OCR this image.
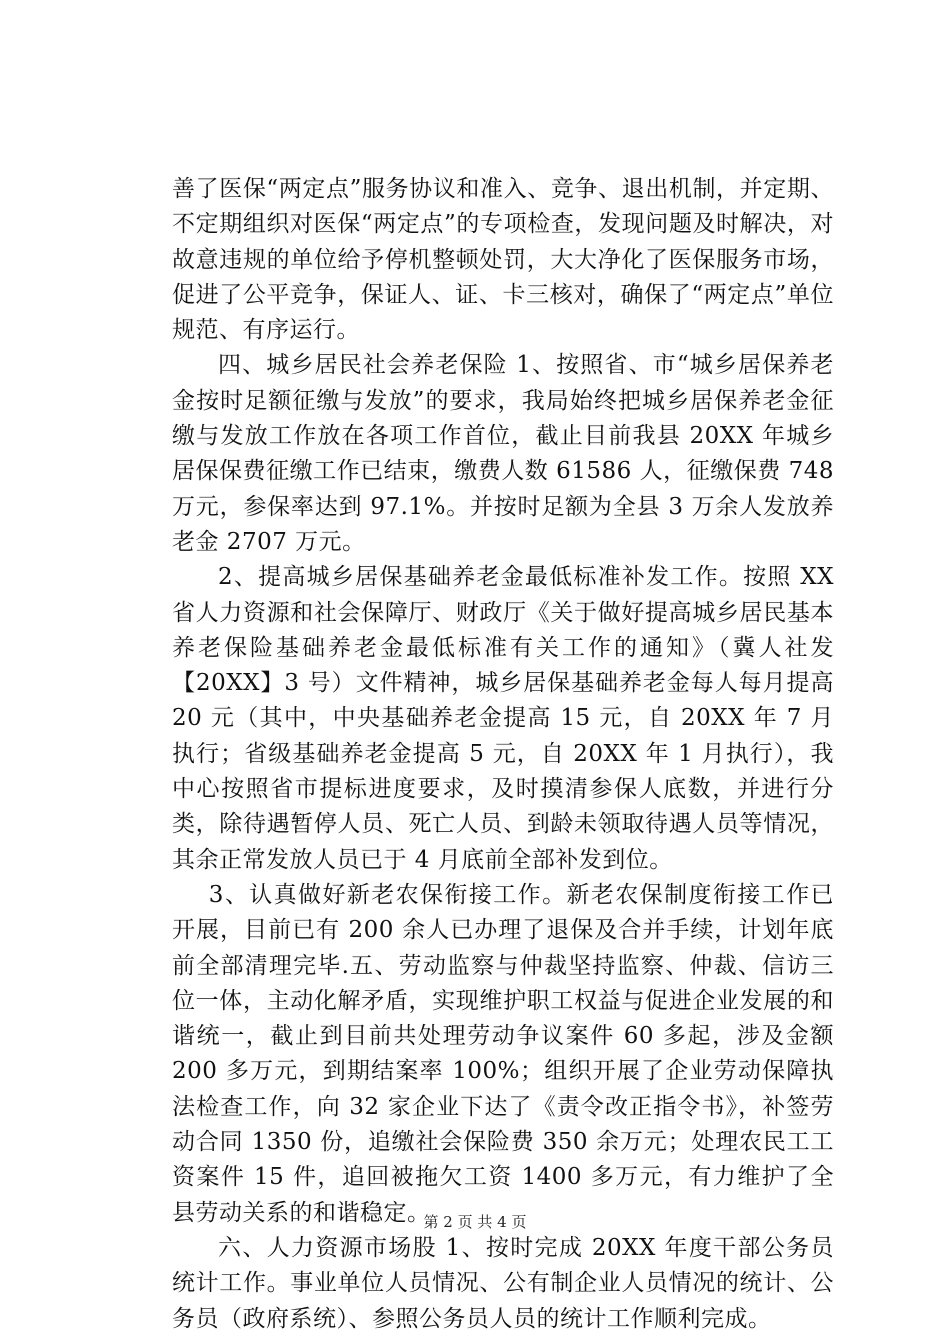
善了医保“两定点”服务协议和准入、竞争、退出机制，并定期、不定期组织对医保“两定点”的专项检查，发现问题及时解决，对故意违规的单位给予停机整顿处罚，大大净化了医保服务市场，促进了公平竞争，保证人、证、卡三核对，确保了“两定点”单位规范、有序运行。

四、城乡居民社会养老保险 1、按照省、市“城乡居保养老金按时足额征缴与发放”的要求，我局始终把城乡居保养老金征缴与发放工作放在各项工作首位，截止目前我县 20XX 年城乡居保保费征缴工作已结束，缴费人数 61586 人，征缴保费 748 万元，参保率达到 97.1%。并按时足额为全县 3 万余人发放养老金 2707 万元。

2、提高城乡居保基础养老金最低标准补发工作。按照 XX 省人力资源和社会保障厅、财政厅《关于做好提高城乡居民基本养老保险基础养老金最低标准有关工作的通知》（冀人社发【20XX】3 号）文件精神，城乡居保基础养老金每人每月提高 20 元（其中，中央基础养老金提高 15 元，自 20XX 年 7 月执行；省级基础养老金提高 5 元，自 20XX 年 1 月执行），我中心按照省市提标进度要求，及时摸清参保人底数，并进行分类，除待遇暂停人员、死亡人员、到龄未领取待遇人员等情况，其余正常发放人员已于 4 月底前全部补发到位。

3、认真做好新老农保衔接工作。新老农保制度衔接工作已开展，目前已有 200 余人已办理了退保及合并手续，计划年底前全部清理完毕.五、劳动监察与仲裁坚持监察、仲裁、信访三位一体，主动化解矛盾，实现维护职工权益与促进企业发展的和谐统一，截止到目前共处理劳动争议案件 60 多起，涉及金额 200 多万元，到期结案率 100%；组织开展了企业劳动保障执法检查工作，向 32 家企业下达了《责令改正指令书》，补签劳动合同 1350 份，追缴社会保险费 350 余万元；处理农民工工资案件 15 件，追回被拖欠工资 1400 多万元，有力维护了全县劳动关系的和谐稳定。

六、人力资源市场股 1、按时完成 20XX 年度干部公务员统计工作。事业单位人员情况、公有制企业人员情况的统计、公务员（政府系统）、参照公务员人员的统计工作顺利完成。

第 2 页 共 4 页
